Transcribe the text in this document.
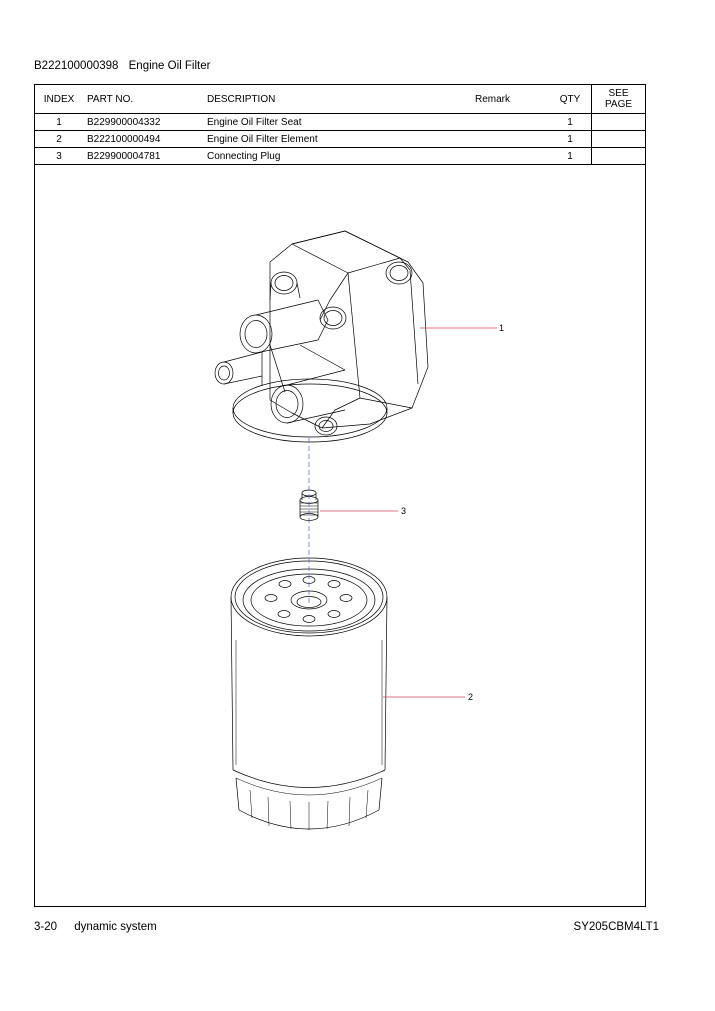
B222100000398 Engine Oil Filter
INDEX	PART NO.	DESCRIPTION	Remark	QTY	SEE
PAGE
1	B229900004332	Engine Oil Filter Seat		1	
2	B222100000494	Engine Oil Filter Element		1	
3	B229900004781	Connecting Plug		1	
1
3
2
3-20 dynamic system	SY205CBM4LT1
